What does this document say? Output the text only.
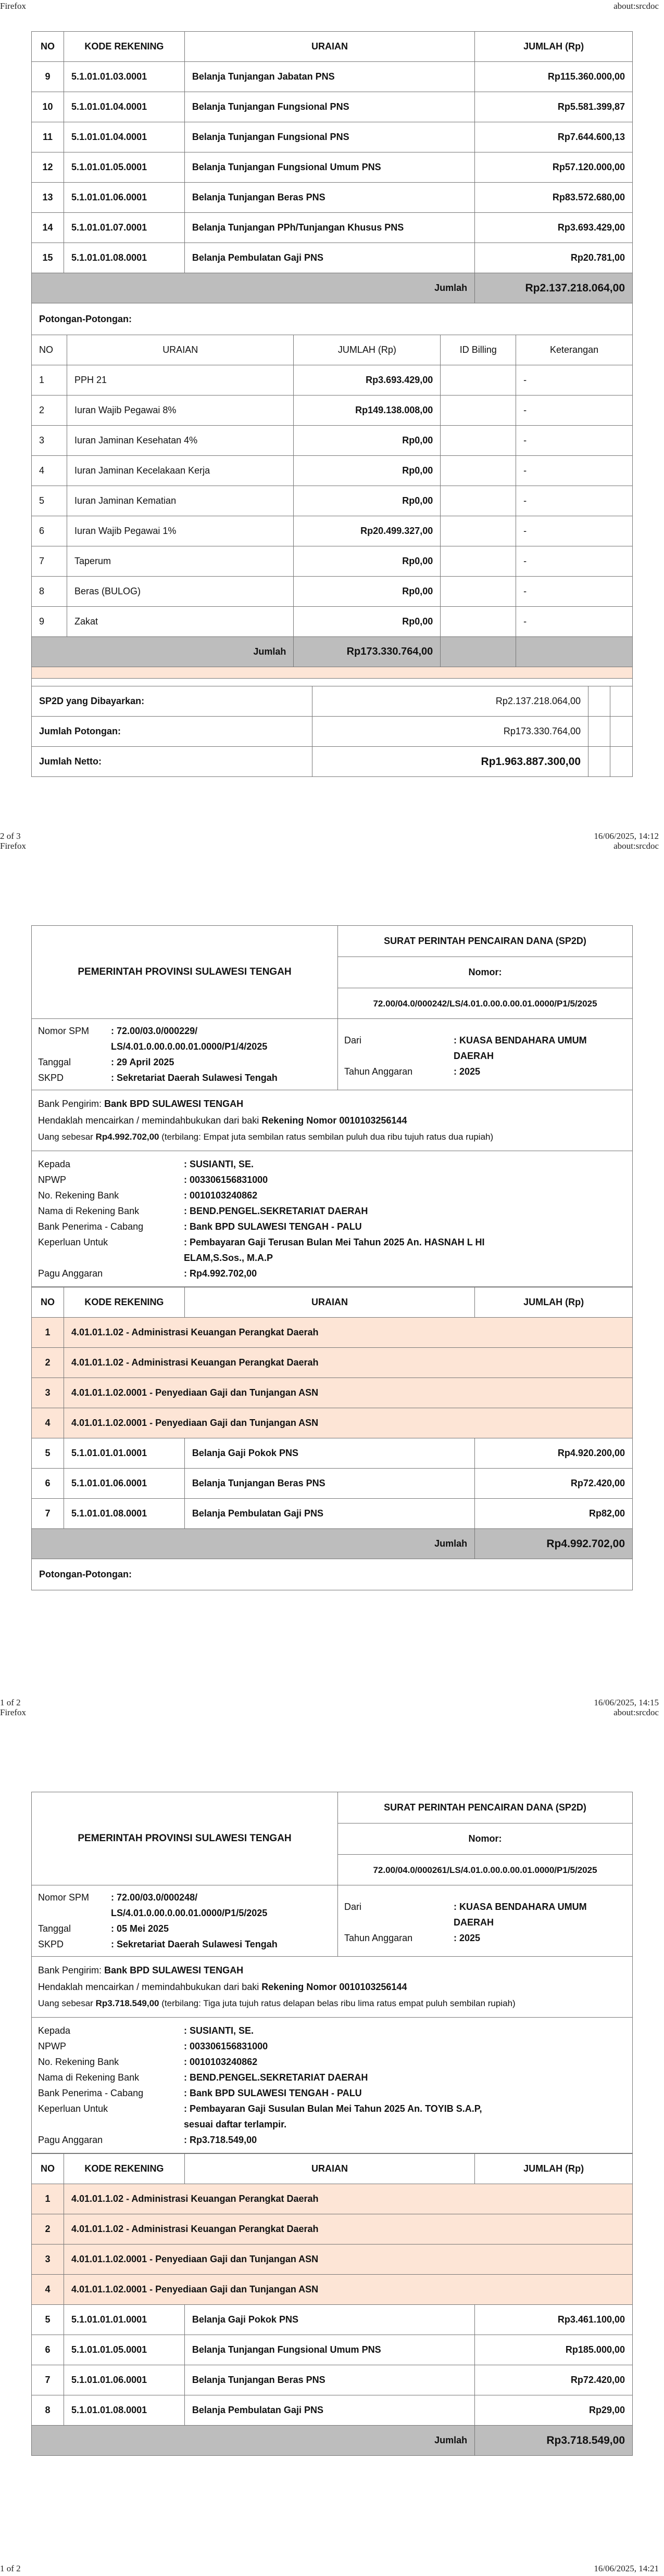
Firefox	about:srcdoc
NO	KODE REKENING	URAIAN	JUMLAH (Rp)
9	5.1.01.01.03.0001	Belanja Tunjangan Jabatan PNS	Rp115.360.000,00
10	5.1.01.01.04.0001	Belanja Tunjangan Fungsional PNS	Rp5.581.399,87
11	5.1.01.01.04.0001	Belanja Tunjangan Fungsional PNS	Rp7.644.600,13
12	5.1.01.01.05.0001	Belanja Tunjangan Fungsional Umum PNS	Rp57.120.000,00
13	5.1.01.01.06.0001	Belanja Tunjangan Beras PNS	Rp83.572.680,00
14	5.1.01.01.07.0001	Belanja Tunjangan PPh/Tunjangan Khusus PNS	Rp3.693.429,00
15	5.1.01.01.08.0001	Belanja Pembulatan Gaji PNS	Rp20.781,00
Jumlah			Rp2.137.218.064,00
Potongan-Potongan:
NO	URAIAN	JUMLAH (Rp)	ID Billing	Keterangan
1	PPH 21	Rp3.693.429,00		-
2	Iuran Wajib Pegawai 8%	Rp149.138.008,00		-
3	Iuran Jaminan Kesehatan 4%	Rp0,00		-
4	Iuran Jaminan Kecelakaan Kerja	Rp0,00		-
5	Iuran Jaminan Kematian	Rp0,00		-
6	Iuran Wajib Pegawai 1%	Rp20.499.327,00		-
7	Taperum	Rp0,00		-
8	Beras (BULOG)	Rp0,00		-
9	Zakat	Rp0,00		-
Jumlah		Rp173.330.764,00		
SP2D yang Dibayarkan:	Rp2.137.218.064,00		
Jumlah Potongan:	Rp173.330.764,00		
Jumlah Netto:	Rp1.963.887.300,00		
2 of 3	16/06/2025, 14:12
Firefox	about:srcdoc
PEMERINTAH PROVINSI SULAWESI TENGAH
SURAT PERINTAH PENCAIRAN DANA (SP2D)
Nomor:
72.00/04.0/000242/LS/4.01.0.00.0.00.01.0000/P1/5/2025
Nomor SPM	: 72.00/03.0/000229/
LS/4.01.0.00.0.00.01.0000/P1/4/2025
Tanggal	: 29 April 2025
SKPD	: Sekretariat Daerah Sulawesi Tengah
Dari	: KUASA BENDAHARA UMUM
DAERAH
Tahun Anggaran	: 2025
Bank Pengirim: Bank BPD SULAWESI TENGAH
Hendaklah mencairkan / memindahbukukan dari baki Rekening Nomor 0010103256144
Uang sebesar Rp4.992.702,00 (terbilang: Empat juta sembilan ratus sembilan puluh dua ribu tujuh ratus dua rupiah)
Kepada	: SUSIANTI, SE.
NPWP	: 003306156831000
No. Rekening Bank	: 0010103240862
Nama di Rekening Bank	: BEND.PENGEL.SEKRETARIAT DAERAH
Bank Penerima - Cabang	: Bank BPD SULAWESI TENGAH - PALU
Keperluan Untuk	: Pembayaran Gaji Terusan Bulan Mei Tahun 2025 An. HASNAH L HI
ELAM,S.Sos., M.A.P
Pagu Anggaran	: Rp4.992.702,00
NO	KODE REKENING	URAIAN	JUMLAH (Rp)
1	4.01.01.1.02 - Administrasi Keuangan Perangkat Daerah		
2	4.01.01.1.02 - Administrasi Keuangan Perangkat Daerah		
3	4.01.01.1.02.0001 - Penyediaan Gaji dan Tunjangan ASN		
4	4.01.01.1.02.0001 - Penyediaan Gaji dan Tunjangan ASN		
5	5.1.01.01.01.0001	Belanja Gaji Pokok PNS	Rp4.920.200,00
6	5.1.01.01.06.0001	Belanja Tunjangan Beras PNS	Rp72.420,00
7	5.1.01.01.08.0001	Belanja Pembulatan Gaji PNS	Rp82,00
Jumlah			Rp4.992.702,00
Potongan-Potongan:
1 of 2	16/06/2025, 14:15
Firefox	about:srcdoc
PEMERINTAH PROVINSI SULAWESI TENGAH
SURAT PERINTAH PENCAIRAN DANA (SP2D)
Nomor:
72.00/04.0/000261/LS/4.01.0.00.0.00.01.0000/P1/5/2025
Nomor SPM	: 72.00/03.0/000248/
LS/4.01.0.00.0.00.01.0000/P1/5/2025
Tanggal	: 05 Mei 2025
SKPD	: Sekretariat Daerah Sulawesi Tengah
Dari	: KUASA BENDAHARA UMUM
DAERAH
Tahun Anggaran	: 2025
Bank Pengirim: Bank BPD SULAWESI TENGAH
Hendaklah mencairkan / memindahbukukan dari baki Rekening Nomor 0010103256144
Uang sebesar Rp3.718.549,00 (terbilang: Tiga juta tujuh ratus delapan belas ribu lima ratus empat puluh sembilan rupiah)
Kepada	: SUSIANTI, SE.
NPWP	: 003306156831000
No. Rekening Bank	: 0010103240862
Nama di Rekening Bank	: BEND.PENGEL.SEKRETARIAT DAERAH
Bank Penerima - Cabang	: Bank BPD SULAWESI TENGAH - PALU
Keperluan Untuk	: Pembayaran Gaji Susulan Bulan Mei Tahun 2025 An. TOYIB S.A.P,
sesuai daftar terlampir.
Pagu Anggaran	: Rp3.718.549,00
NO	KODE REKENING	URAIAN	JUMLAH (Rp)
1	4.01.01.1.02 - Administrasi Keuangan Perangkat Daerah		
2	4.01.01.1.02 - Administrasi Keuangan Perangkat Daerah		
3	4.01.01.1.02.0001 - Penyediaan Gaji dan Tunjangan ASN		
4	4.01.01.1.02.0001 - Penyediaan Gaji dan Tunjangan ASN		
5	5.1.01.01.01.0001	Belanja Gaji Pokok PNS	Rp3.461.100,00
6	5.1.01.01.05.0001	Belanja Tunjangan Fungsional Umum PNS	Rp185.000,00
7	5.1.01.01.06.0001	Belanja Tunjangan Beras PNS	Rp72.420,00
8	5.1.01.01.08.0001	Belanja Pembulatan Gaji PNS	Rp29,00
Jumlah			Rp3.718.549,00
1 of 2	16/06/2025, 14:21
